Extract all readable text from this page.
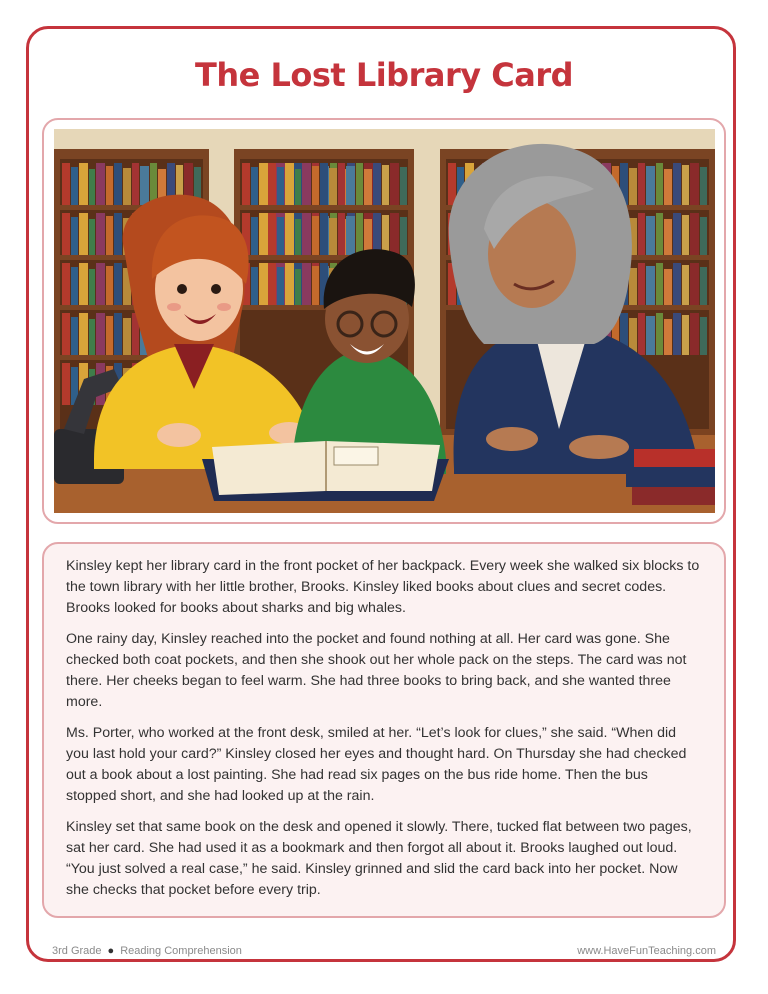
The Lost Library Card

Kinsley kept her library card in the front pocket of her backpack. Every week she walked six blocks to the town library with her little brother, Brooks. Kinsley liked books about clues and secret codes. Brooks looked for books about sharks and big whales.

One rainy day, Kinsley reached into the pocket and found nothing at all. Her card was gone. She checked both coat pockets, and then she shook out her whole pack on the steps. The card was not there. Her cheeks began to feel warm. She had three books to bring back, and she wanted three more.

Ms. Porter, who worked at the front desk, smiled at her. “Let’s look for clues,” she said. “When did you last hold your card?” Kinsley closed her eyes and thought hard. On Thursday she had checked out a book about a lost painting. She had read six pages on the bus ride home. Then the bus stopped short, and she had looked up at the rain.

Kinsley set that same book on the desk and opened it slowly. There, tucked flat between two pages, sat her card. She had used it as a bookmark and then forgot all about it. Brooks laughed out loud. “You just solved a real case,” he said. Kinsley grinned and slid the card back into her pocket. Now she checks that pocket before every trip.

3rd Grade ● Reading Comprehension	www.HaveFunTeaching.com
